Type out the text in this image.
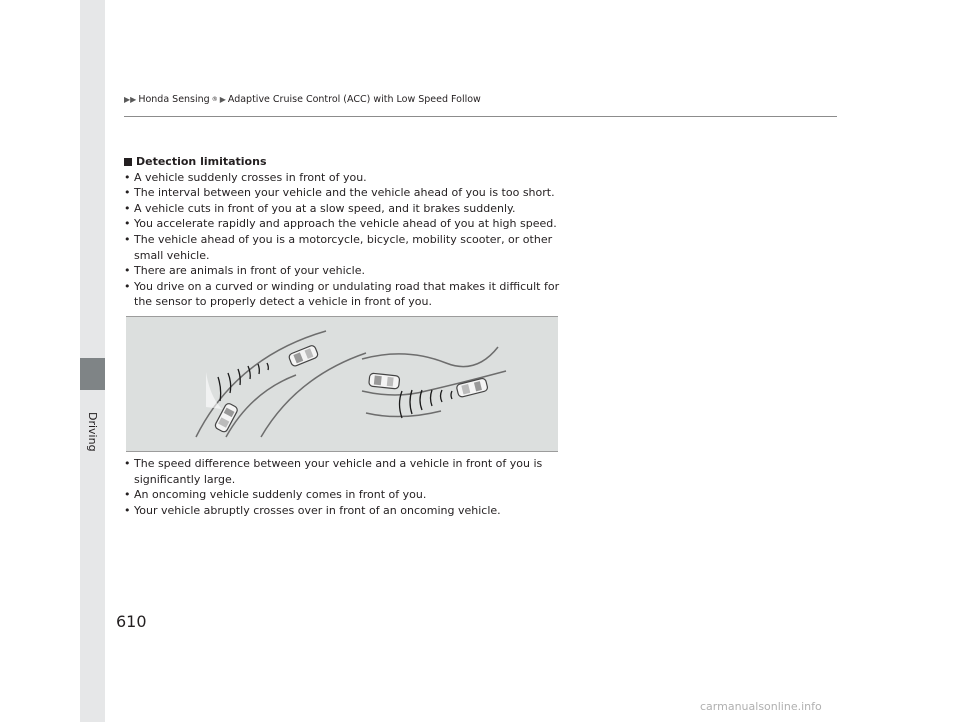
Driving
▶▶ Honda Sensing ® ▶ Adaptive Cruise Control (ACC) with Low Speed Follow
Detection limitations
• A vehicle suddenly crosses in front of you.
• The interval between your vehicle and the vehicle ahead of you is too short.
• A vehicle cuts in front of you at a slow speed, and it brakes suddenly.
• You accelerate rapidly and approach the vehicle ahead of you at high speed.
• The vehicle ahead of you is a motorcycle, bicycle, mobility scooter, or other small vehicle.
• There are animals in front of your vehicle.
• You drive on a curved or winding or undulating road that makes it difficult for the sensor to properly detect a vehicle in front of you.
• The speed difference between your vehicle and a vehicle in front of you is significantly large.
• An oncoming vehicle suddenly comes in front of you.
• Your vehicle abruptly crosses over in front of an oncoming vehicle.
610
carmanualsonline.info
